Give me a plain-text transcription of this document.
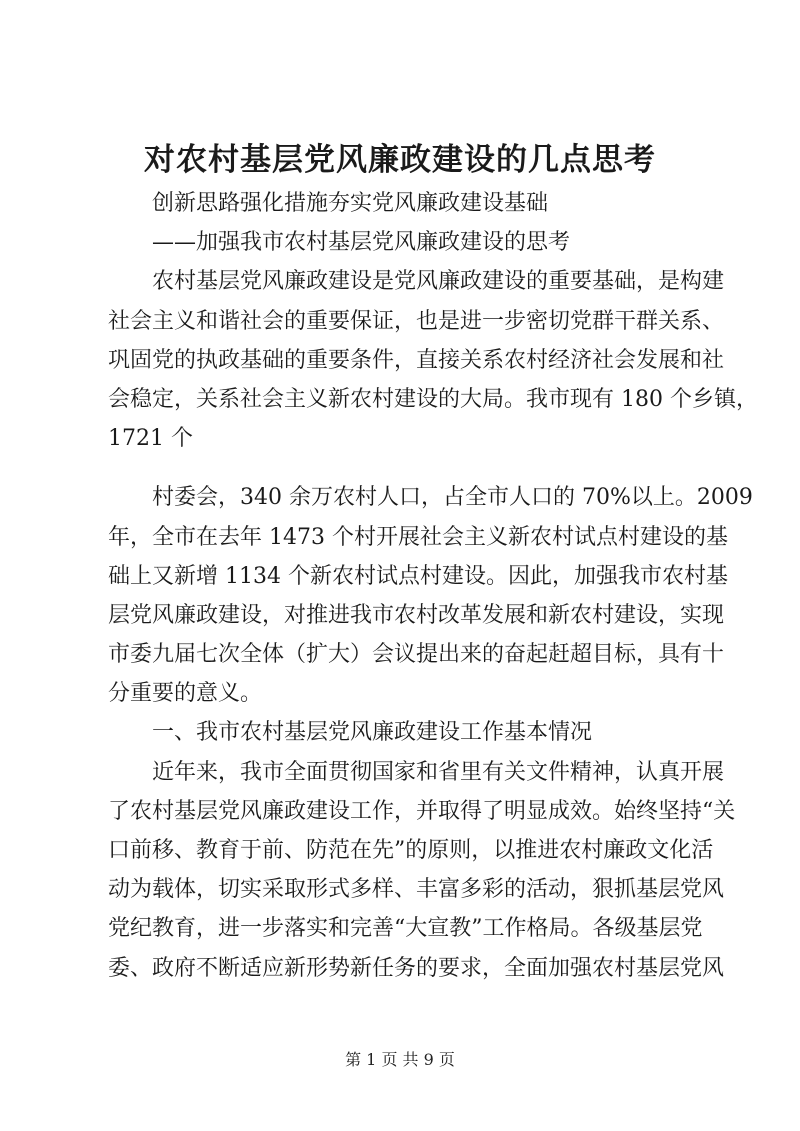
对农村基层党风廉政建设的几点思考
创新思路强化措施夯实党风廉政建设基础
——加强我市农村基层党风廉政建设的思考
农村基层党风廉政建设是党风廉政建设的重要基础，是构建
社会主义和谐社会的重要保证，也是进一步密切党群干群关系、
巩固党的执政基础的重要条件，直接关系农村经济社会发展和社
会稳定，关系社会主义新农村建设的大局。我市现有 180 个乡镇，
1721 个
村委会，340 余万农村人口，占全市人口的 70%以上。2009
年，全市在去年 1473 个村开展社会主义新农村试点村建设的基
础上又新增 1134 个新农村试点村建设。因此，加强我市农村基
层党风廉政建设，对推进我市农村改革发展和新农村建设，实现
市委九届七次全体（扩大）会议提出来的奋起赶超目标，具有十
分重要的意义。
一、我市农村基层党风廉政建设工作基本情况
近年来，我市全面贯彻国家和省里有关文件精神，认真开展
了农村基层党风廉政建设工作，并取得了明显成效。始终坚持“关
口前移、教育于前、防范在先”的原则，以推进农村廉政文化活
动为载体，切实采取形式多样、丰富多彩的活动，狠抓基层党风
党纪教育，进一步落实和完善“大宣教”工作格局。各级基层党
委、政府不断适应新形势新任务的要求，全面加强农村基层党风
第 1 页 共 9 页
